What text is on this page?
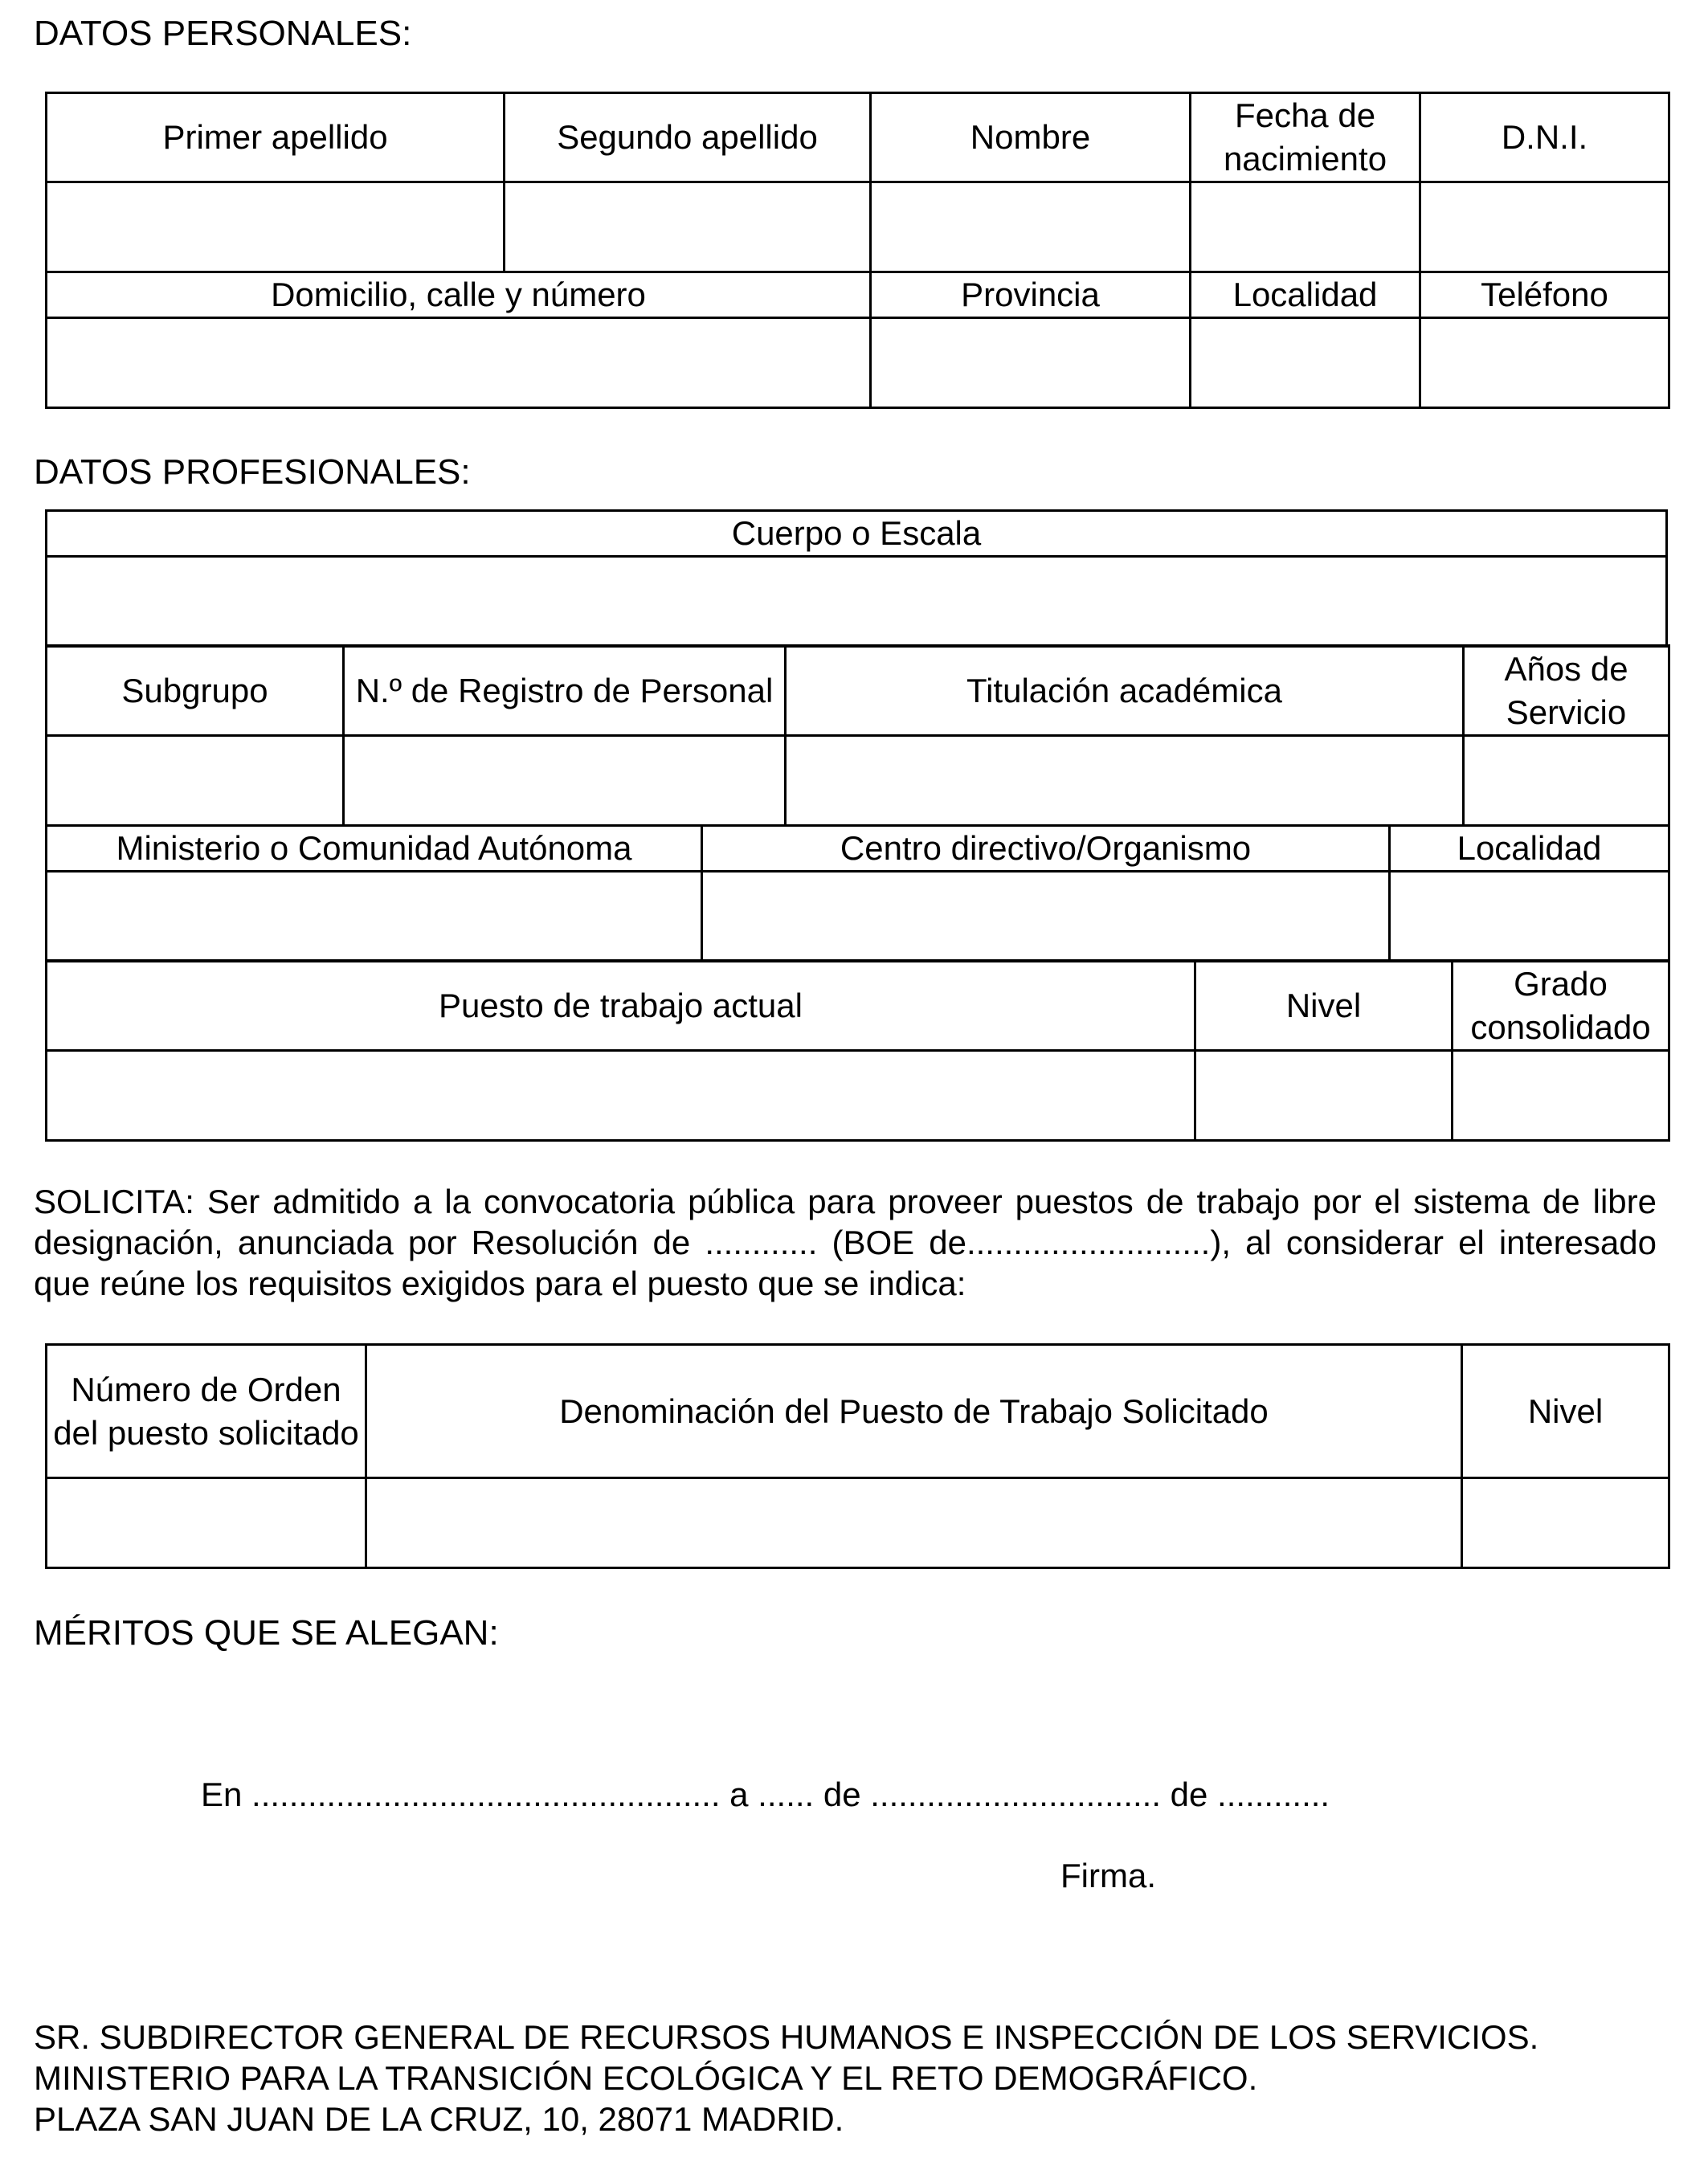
DATOS PERSONALES:
Primer apellido	Segundo apellido	Nombre	Fecha de nacimiento	D.N.I.

Domicilio, calle y número		Provincia	Localidad	Teléfono

DATOS PROFESIONALES:
Cuerpo o Escala

Subgrupo	N.º de Registro de Personal	Titulación académica	Años de Servicio

Ministerio o Comunidad Autónoma	Centro directivo/Organismo	Localidad

Puesto de trabajo actual	Nivel	Grado consolidado

SOLICITA: Ser admitido a la convocatoria pública para proveer puestos de trabajo por el sistema de libre designación, anunciada por Resolución de ............ (BOE de..........................), al considerar el interesado que reúne los requisitos exigidos para el puesto que se indica:
Número de Orden del puesto solicitado	Denominación del Puesto de Trabajo Solicitado	Nivel

MÉRITOS QUE SE ALEGAN:
En .................................................. a ...... de ............................... de ............
Firma.
SR. SUBDIRECTOR GENERAL DE RECURSOS HUMANOS E INSPECCIÓN DE LOS SERVICIOS.
MINISTERIO PARA LA TRANSICIÓN ECOLÓGICA Y EL RETO DEMOGRÁFICO.
PLAZA SAN JUAN DE LA CRUZ, 10, 28071 MADRID.
